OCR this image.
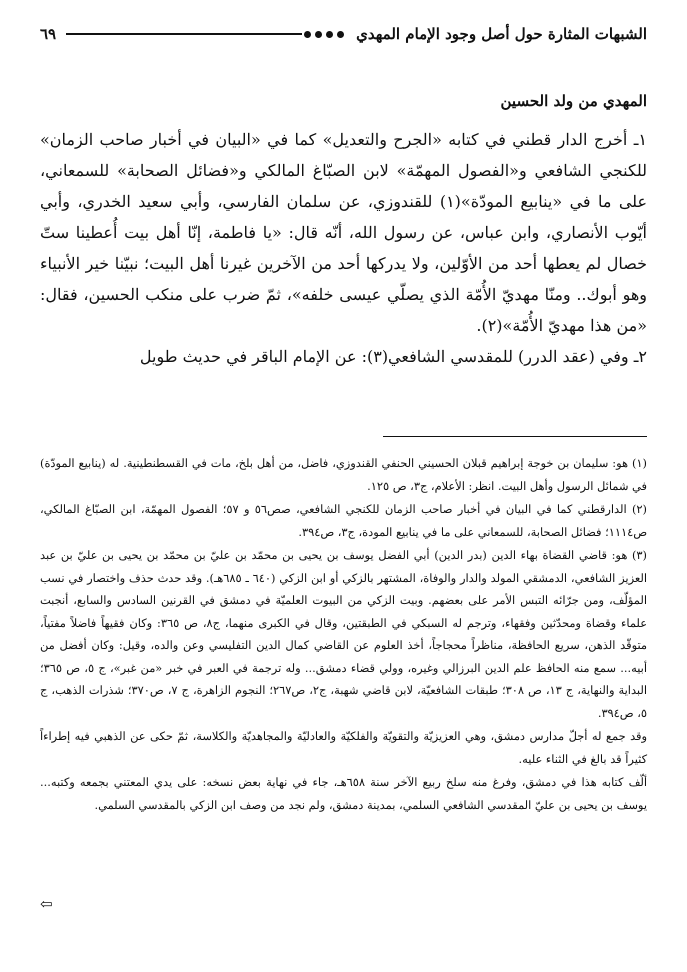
الشبهات المثارة حول أصل وجود الإمام المهدي
٦٩
المهدي من ولد الحسين

١ـ أخرج الدار قطني في كتابه «الجرح والتعديل» كما في «البيان في أخبار صاحب الزمان» للكنجي الشافعي و«الفصول المهمّة» لابن الصبّاغ المالكي و«فضائل الصحابة» للسمعاني، على ما في «ينابيع المودّة»(١) للقندوزي، عن سلمان الفارسي، وأبي سعيد الخدري، وأبي أيّوب الأنصاري، وابن عباس، عن رسول الله، أنّه قال: «يا فاطمة، إنّا أهل بيت أُعطينا ستّ خصال لم يعطها أحد من الأوّلين، ولا يدركها أحد من الآخرين غيرنا أهل البيت؛ نبيّنا خير الأنبياء وهو أبوك.. ومنّا مهديّ الأُمّة الذي يصلّي عيسى خلفه»، ثمّ ضرب على منكب الحسين، فقال: «من هذا مهديّ الأُمّة»(٢).

٢ـ وفي (عقد الدرر) للمقدسي الشافعي(٣): عن الإمام الباقر في حديث طويل

(١) هو: سليمان بن خوجة إبراهيم قبلان الحسيني الحنفي القندوزي، فاضل، من أهل بلخ، مات في القسطنطينية. له (ينابيع المودّة) في شمائل الرسول وأهل البيت. انظر: الأعلام، ج٣، ص ١٢٥.

(٢) الدارقطني كما في البيان في أخبار صاحب الزمان للكنجي الشافعي، صص٥٦ و ٥٧؛ الفصول المهمّة، ابن الصبّاغ المالكي، ص١١١٤؛ فضائل الصحابة، للسمعاني على ما في ينابيع المودة، ج٣، ص٣٩٤.

(٣) هو: قاضي القضاة بهاء الدين (بدر الدين) أبي الفضل يوسف بن يحيى بن محمّد بن عليّ بن محمّد بن يحيى بن عليّ بن عبد العزيز الشافعي، الدمشقي المولد والدار والوفاة، المشتهر بالزكي أو ابن الزكي (٦٤٠ ـ ٦٨٥هـ). وقد حدث حذف واختصار في نسب المؤلّف، ومن جرّائه التبس الأمر على بعضهم. وبيت الزكي من البيوت العلميّة في دمشق في القرنين السادس والسابع، أنجبت علماء وقضاة ومحدّثين وفقهاء، وترجم له السبكي في الطبقتين، وقال في الكبرى منهما، ج٨، ص ٣٦٥: وكان فقيهاً فاضلاً مفتياً، متوقّد الذهن، سريع الحافظة، مناظراً محجاجاً، أخذ العلوم عن القاضي كمال الدين التفليسي وعن والده، وقيل: وكان أفضل من أبيه... سمع منه الحافظ علم الدين البرزالي وغيره، وولي قضاء دمشق... وله ترجمة في العبر في خبر «من غبر»، ج ٥، ص ٣٦٥؛ البداية والنهاية، ج ١٣، ص ٣٠٨؛ طبقات الشافعيّة، لابن قاضي شهبة، ج٢، ص٢٦٧؛ النجوم الزاهرة، ج ٧، ص٣٧٠؛ شذرات الذهب، ج ٥، ص٣٩٤.

وقد جمع له أجلّ مدارس دمشق، وهي العزيزيّة والتقويّة والفلكيّة والعادليّة والمجاهديّة والكلاسة، ثمّ حكى عن الذهبي فيه إطراءاً كثيراً قد بالغ في الثناء عليه.

ألّف كتابه هذا في دمشق، وفرغ منه سلخ ربيع الآخر سنة ٦٥٨هـ، جاء في نهاية بعض نسخه: على يدي المعتني بجمعه وكتبه... يوسف بن يحيى بن عليّ المقدسي الشافعي السلمي، بمدينة دمشق، ولم نجد من وصف ابن الزكي بالمقدسي السلمي.

⇦
